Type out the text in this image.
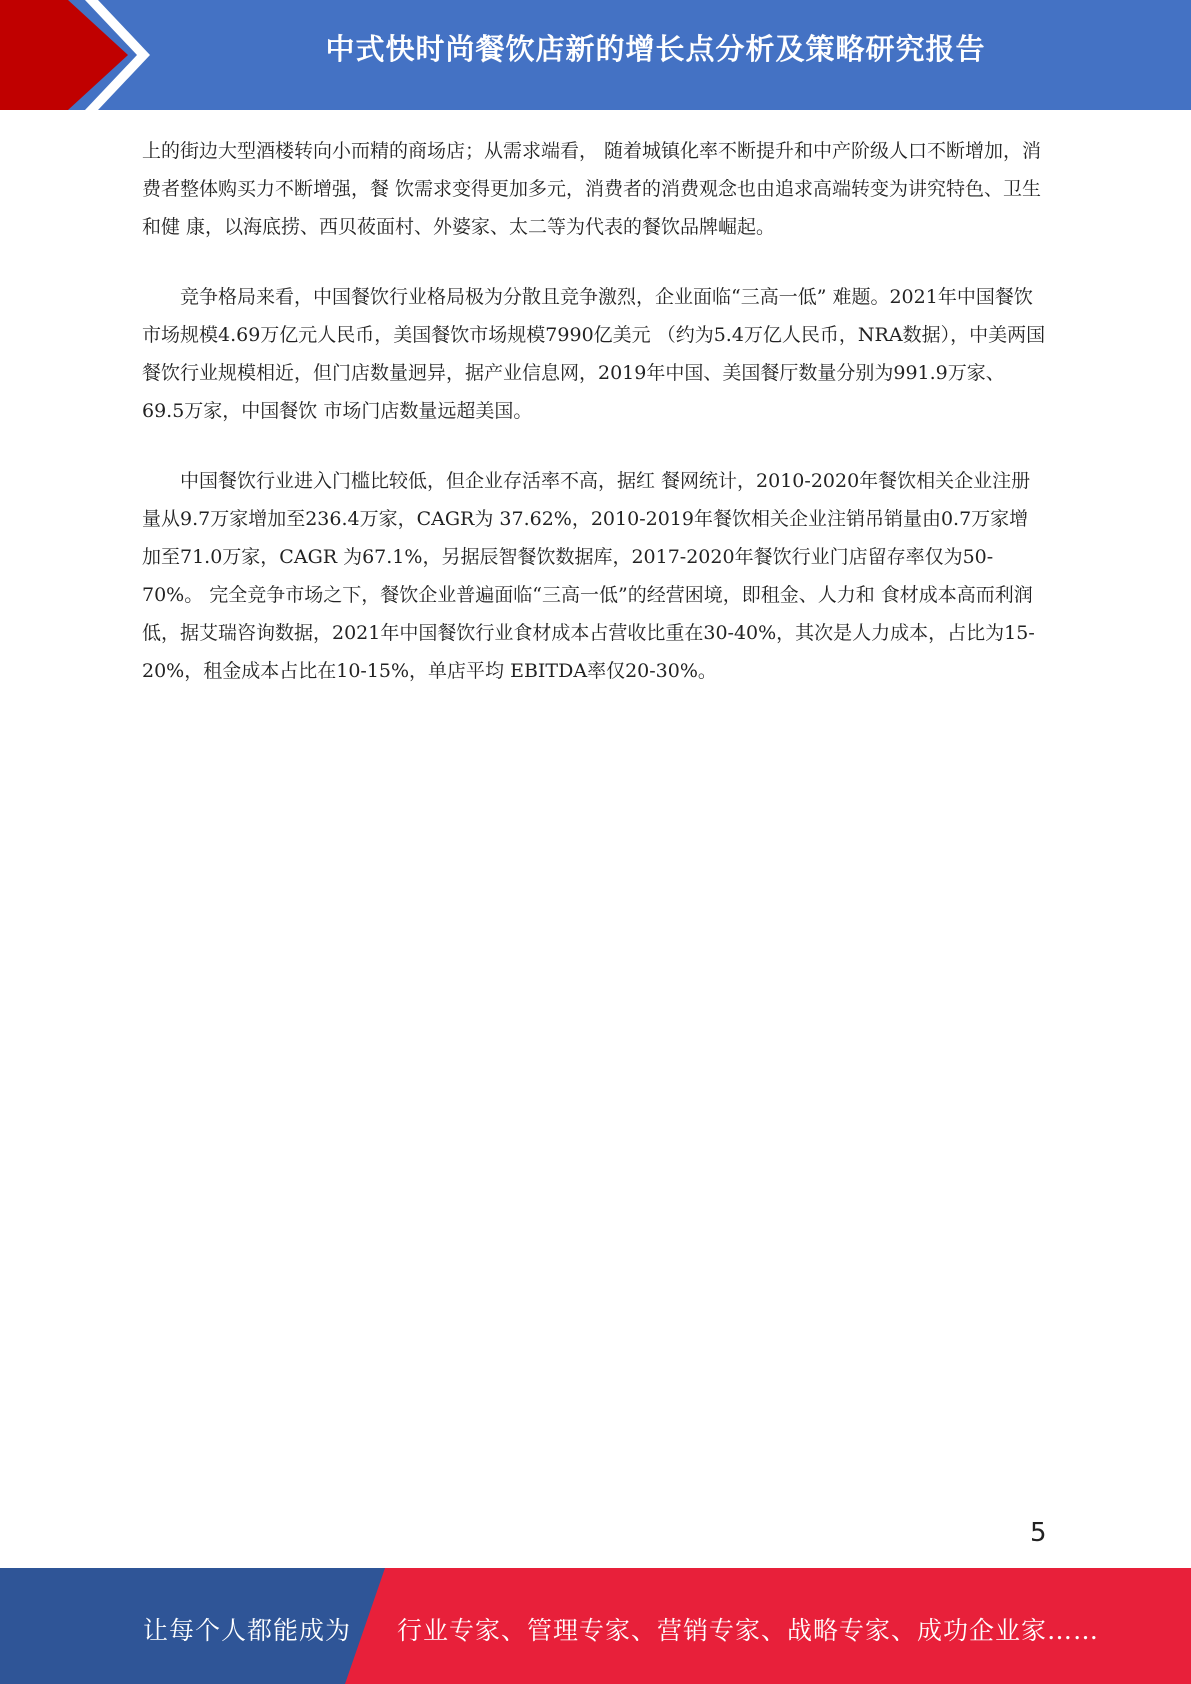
中式快时尚餐饮店新的增长点分析及策略研究报告

上的街边大型酒楼转向小而精的商场店；从需求端看， 随着城镇化率不断提升和中产阶级人口不断增加，消费者整体购买力不断增强，餐 饮需求变得更加多元，消费者的消费观念也由追求高端转变为讲究特色、卫生和健 康，以海底捞、西贝莜面村、外婆家、太二等为代表的餐饮品牌崛起。

竞争格局来看，中国餐饮行业格局极为分散且竞争激烈，企业面临“三高一低” 难题。2021年中国餐饮市场规模4.69万亿元人民币，美国餐饮市场规模7990亿美元 （约为5.4万亿人民币，NRA数据），中美两国餐饮行业规模相近，但门店数量迥异，据产业信息网，2019年中国、美国餐厅数量分别为991.9万家、69.5万家，中国餐饮 市场门店数量远超美国。

中国餐饮行业进入门槛比较低，但企业存活率不高，据红 餐网统计，2010-2020年餐饮相关企业注册量从9.7万家增加至236.4万家，CAGR为 37.62%，2010-2019年餐饮相关企业注销吊销量由0.7万家增加至71.0万家，CAGR 为67.1%，另据辰智餐饮数据库，2017-2020年餐饮行业门店留存率仅为50-70%。 完全竞争市场之下，餐饮企业普遍面临“三高一低”的经营困境，即租金、人力和 食材成本高而利润低，据艾瑞咨询数据，2021年中国餐饮行业食材成本占营收比重在30-40%，其次是人力成本，占比为15-20%，租金成本占比在10-15%，单店平均 EBITDA率仅20-30%。

5
让每个人都能成为 行业专家、管理专家、营销专家、战略专家、成功企业家……
